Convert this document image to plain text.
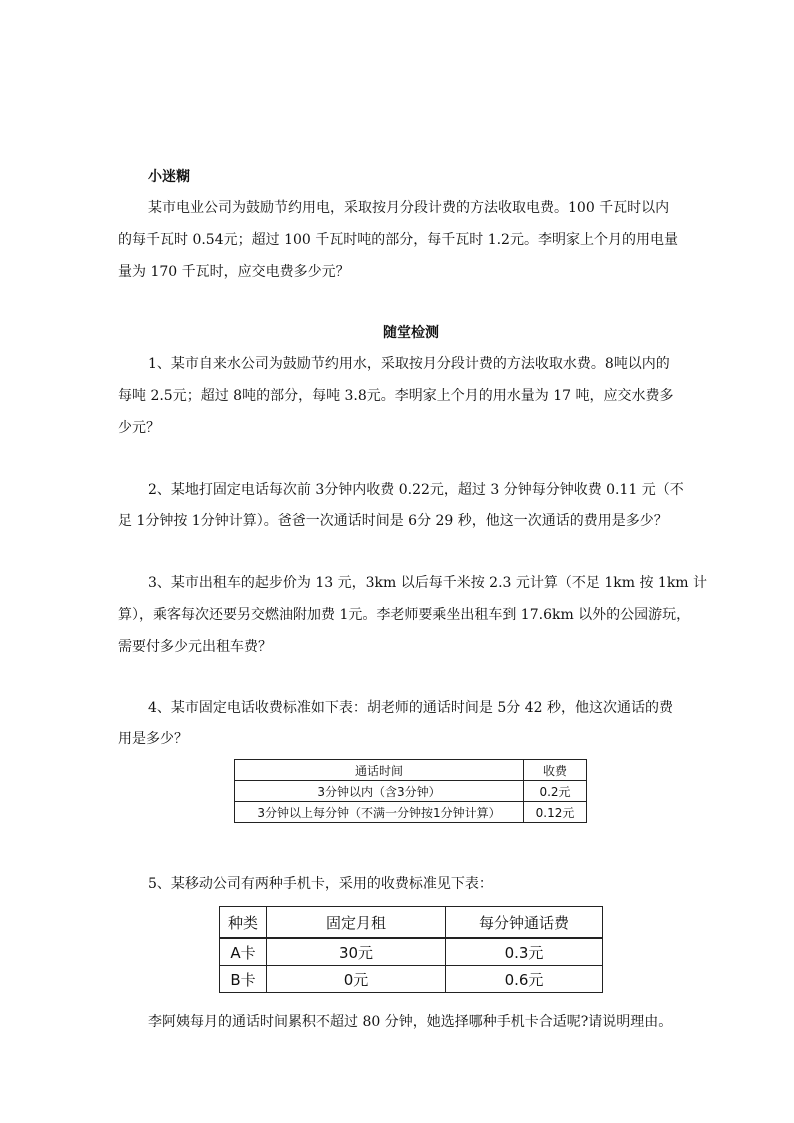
小迷糊
某市电业公司为鼓励节约用电，采取按月分段计费的方法收取电费。100 千瓦时以内
的每千瓦时 0.54元；超过 100 千瓦时吨的部分，每千瓦时 1.2元。李明家上个月的用电量
量为 170 千瓦时，应交电费多少元？
随堂检测
1、某市自来水公司为鼓励节约用水，采取按月分段计费的方法收取水费。8吨以内的
每吨 2.5元；超过 8吨的部分，每吨 3.8元。李明家上个月的用水量为 17 吨，应交水费多
少元？
2、某地打固定电话每次前 3分钟内收费 0.22元，超过 3 分钟每分钟收费 0.11 元（不
足 1分钟按 1分钟计算）。爸爸一次通话时间是 6分 29 秒，他这一次通话的费用是多少？
3、某市出租车的起步价为 13 元，3km 以后每千米按 2.3 元计算（不足 1km 按 1km 计
算），乘客每次还要另交燃油附加费 1元。李老师要乘坐出租车到 17.6km 以外的公园游玩，
需要付多少元出租车费？
4、某市固定电话收费标准如下表：胡老师的通话时间是 5分 42 秒，他这次通话的费
用是多少？
通话时间	收费
3分钟以内（含3分钟）	0.2元
3分钟以上每分钟（不满一分钟按1分钟计算）	0.12元
5、某移动公司有两种手机卡，采用的收费标准见下表：
种类	固定月租	每分钟通话费
A卡	30元	0.3元
B卡	0元	0.6元
李阿姨每月的通话时间累积不超过 80 分钟，她选择哪种手机卡合适呢?请说明理由。
